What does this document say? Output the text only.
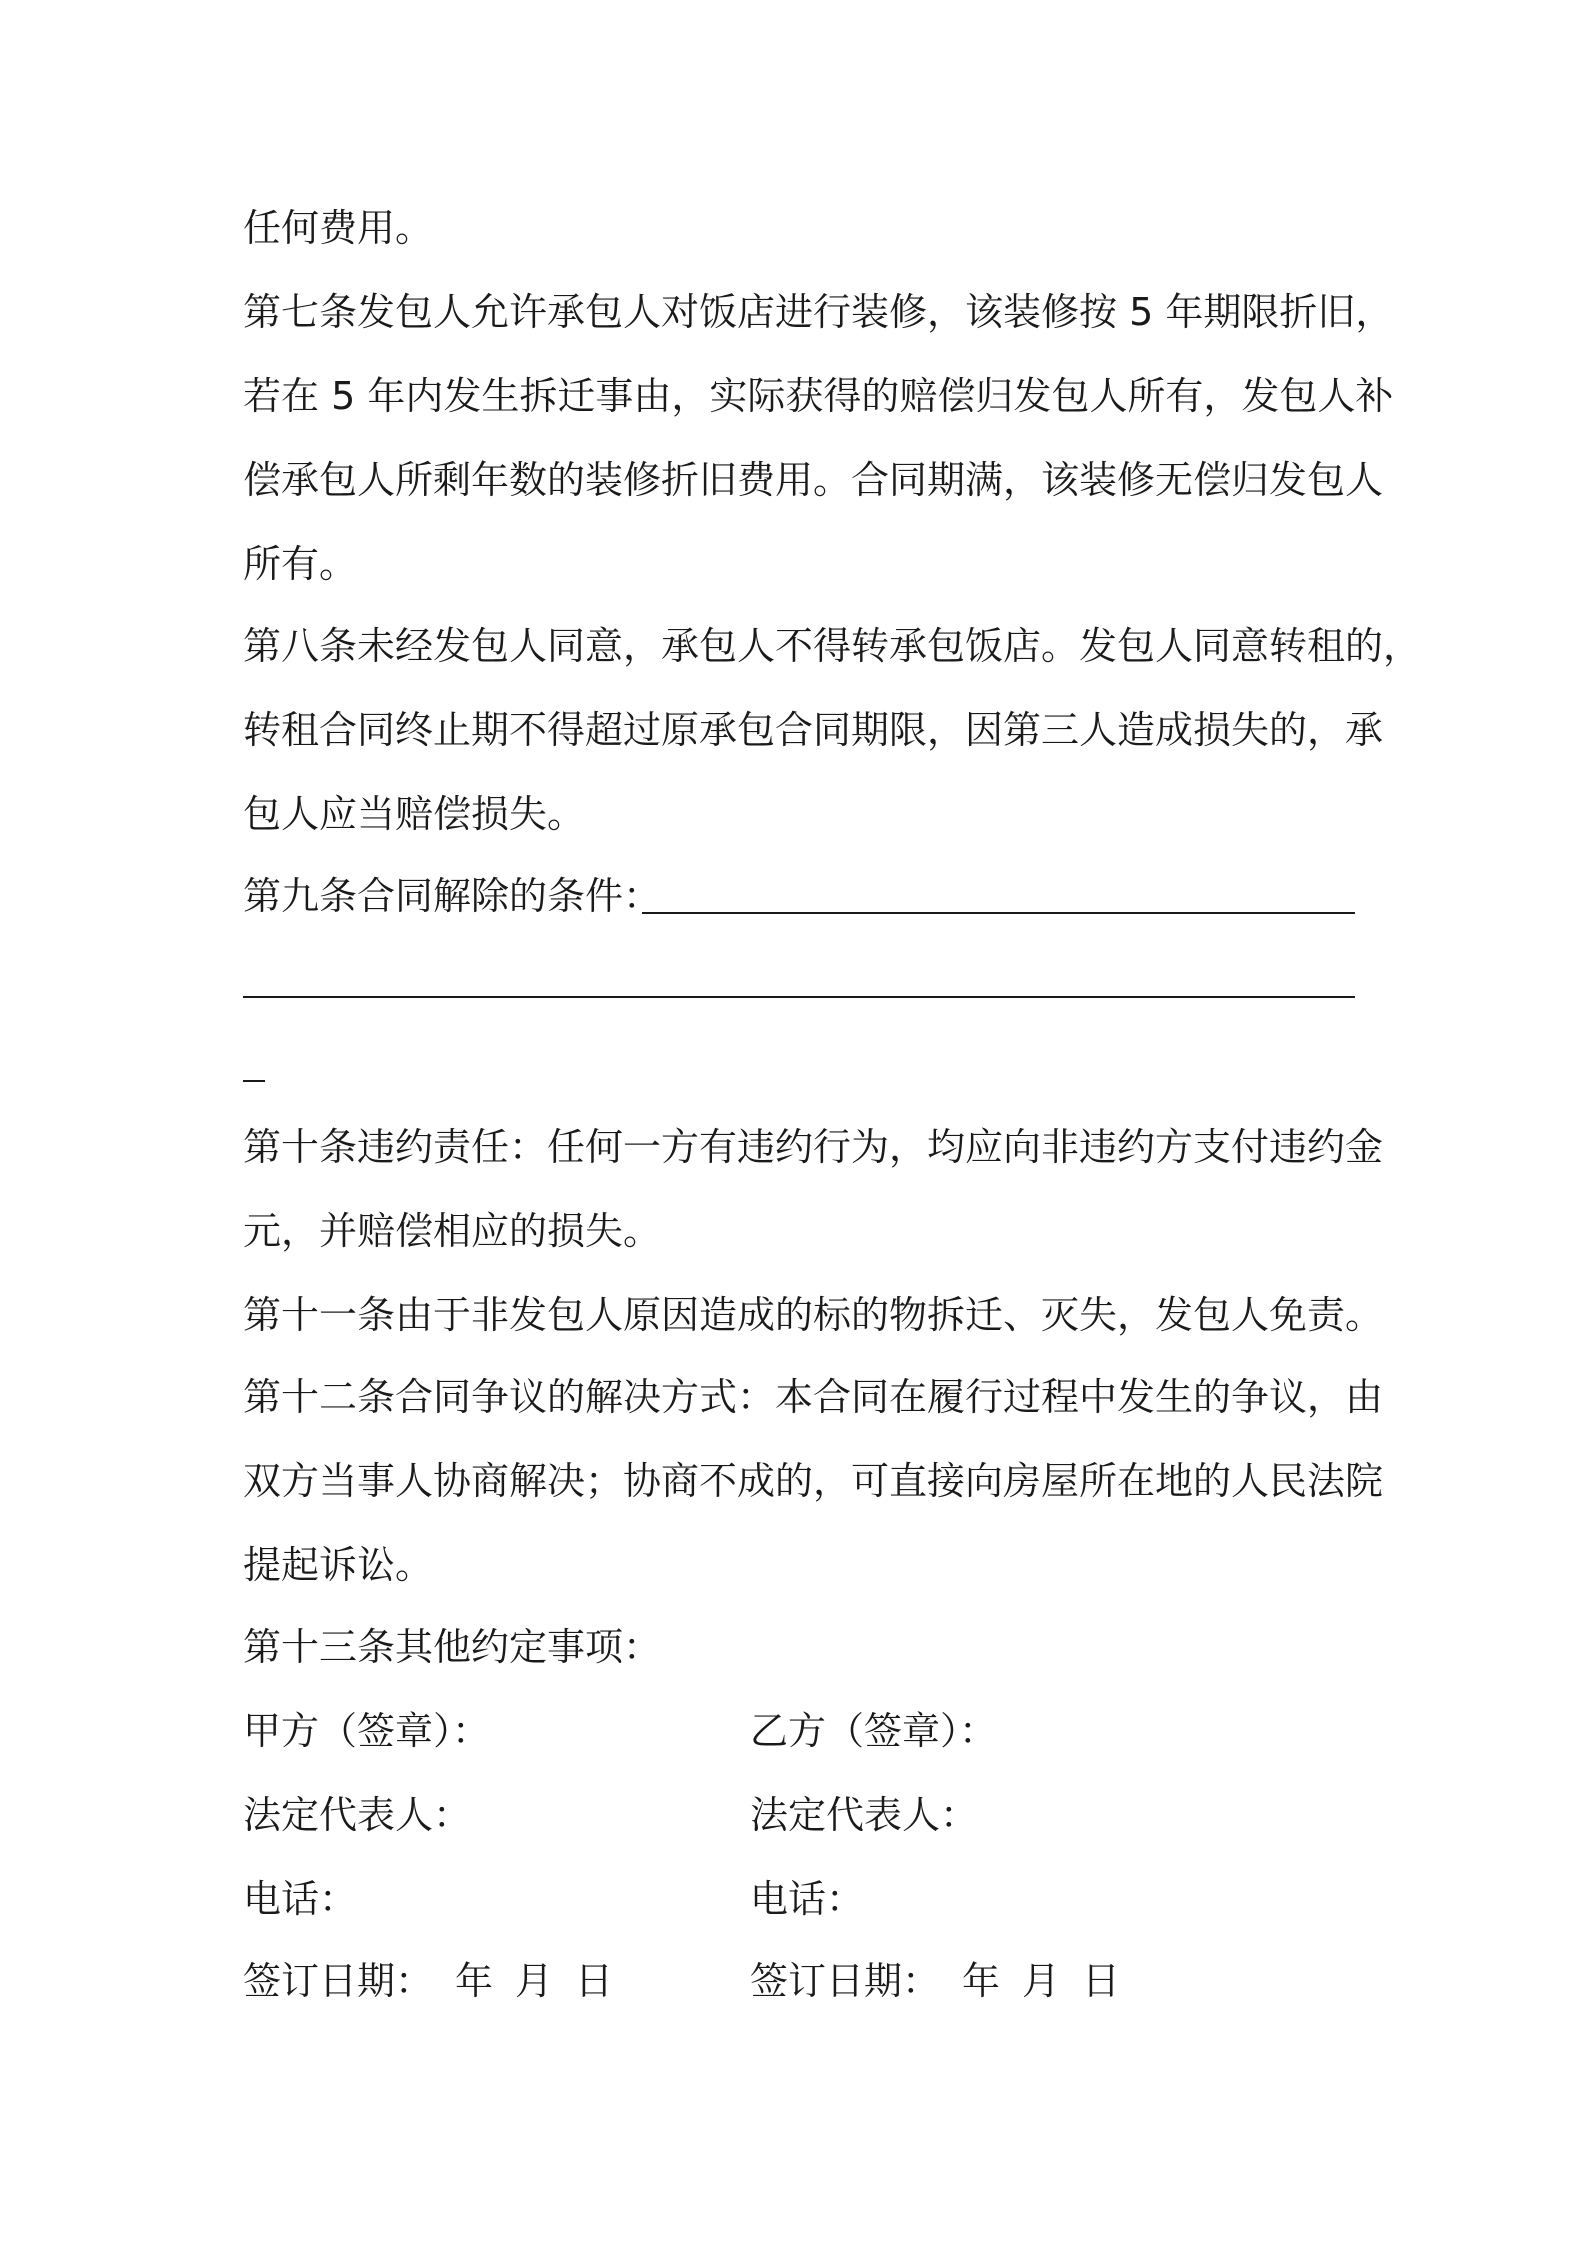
任何费用。
第七条发包人允许承包人对饭店进行装修，该装修按 5 年期限折旧，
若在 5 年内发生拆迁事由，实际获得的赔偿归发包人所有，发包人补
偿承包人所剩年数的装修折旧费用。合同期满，该装修无偿归发包人
所有。
第八条未经发包人同意，承包人不得转承包饭店。发包人同意转租的，
转租合同终止期不得超过原承包合同期限，因第三人造成损失的，承
包人应当赔偿损失。
第九条合同解除的条件：
第十条违约责任：任何一方有违约行为，均应向非违约方支付违约金
元，并赔偿相应的损失。
第十一条由于非发包人原因造成的标的物拆迁、灭失，发包人免责。
第十二条合同争议的解决方式：本合同在履行过程中发生的争议，由
双方当事人协商解决；协商不成的，可直接向房屋所在地的人民法院
提起诉讼。
第十三条其他约定事项：
甲方（签章）：	乙方（签章）：
法定代表人：	法定代表人：
电话：	电话：
签订日期： 年 月 日	签订日期： 年 月 日
